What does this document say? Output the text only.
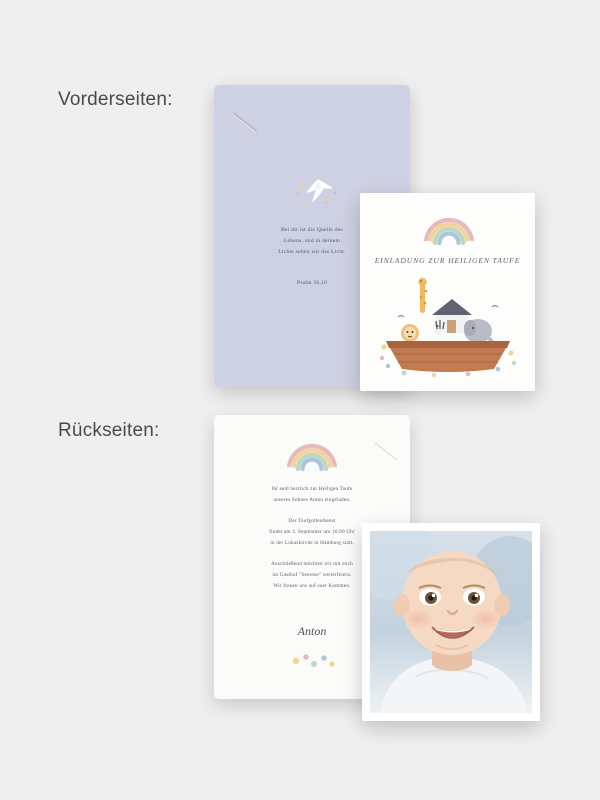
Vorderseiten:
Rückseiten:
Bei dir ist die Quelle des
Lebens, und in deinem
Lichte sehen wir das Licht.
Psalm 36,10
EINLADUNG ZUR HEILIGEN TAUFE
Ihr seid herzlich zur Heiligen Taufe
unseres Sohnes Anton eingeladen.
Der Taufgottesdienst
findet am 3. September um 16:00 Uhr
in der Lukaskirche in Hamburg statt.
Anschließend möchten wir mit euch
im Gasthof "Seerose" weiterfeiern.
Wir freuen uns auf euer Kommen.
Anton
